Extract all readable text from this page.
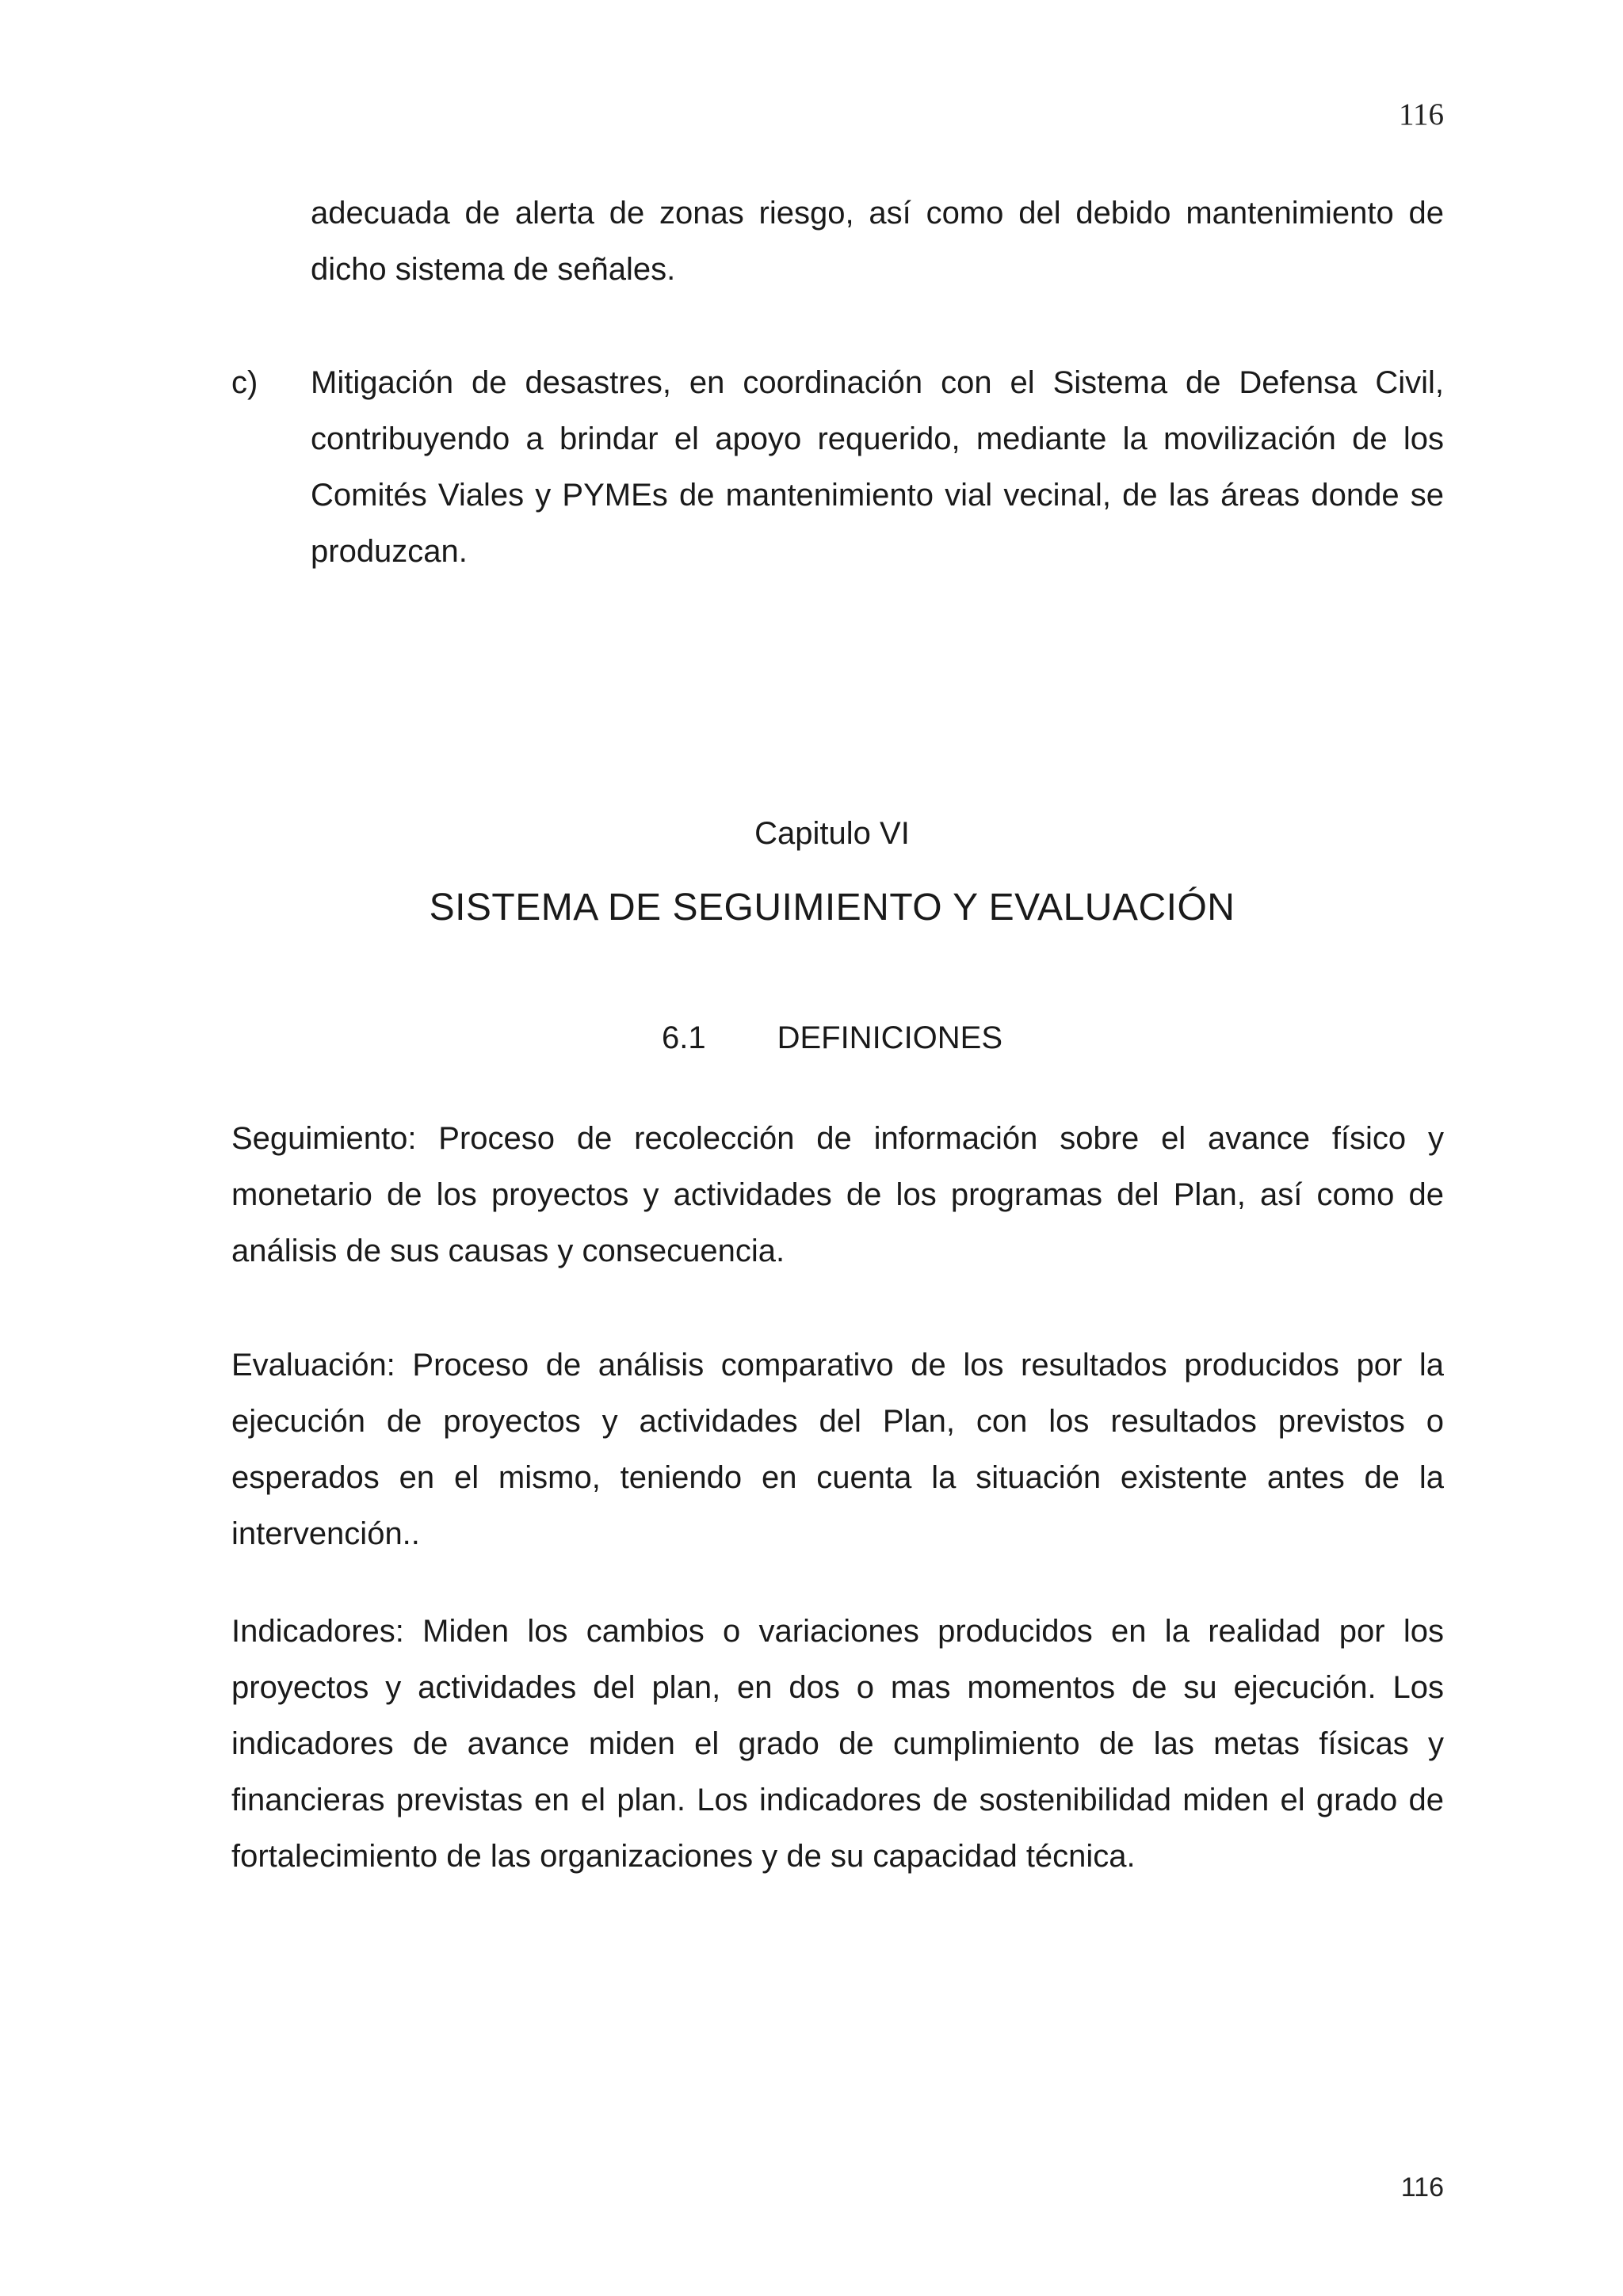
116
adecuada de alerta de zonas riesgo, así como del debido mantenimiento de dicho sistema de señales.
c) Mitigación de desastres, en coordinación con el Sistema de Defensa Civil, contribuyendo a brindar el apoyo requerido, mediante la movilización de los Comités Viales y PYMEs de mantenimiento vial vecinal, de las áreas donde se produzcan.
Capitulo VI
SISTEMA DE SEGUIMIENTO Y EVALUACIÓN
6.1 DEFINICIONES
Seguimiento: Proceso de recolección de información sobre el avance físico y monetario de los proyectos y actividades de los programas del Plan, así como de análisis de sus causas y consecuencia.
Evaluación: Proceso de análisis comparativo de los resultados producidos por la ejecución de proyectos y actividades del Plan, con los resultados previstos o esperados en el mismo, teniendo en cuenta la situación existente antes de la intervención..
Indicadores: Miden los cambios o variaciones producidos en la realidad por los proyectos y actividades del plan, en dos o mas momentos de su ejecución. Los indicadores de avance miden el grado de cumplimiento de las metas físicas y financieras previstas en el plan. Los indicadores de sostenibilidad miden el grado de fortalecimiento de las organizaciones y de su capacidad técnica.
116
